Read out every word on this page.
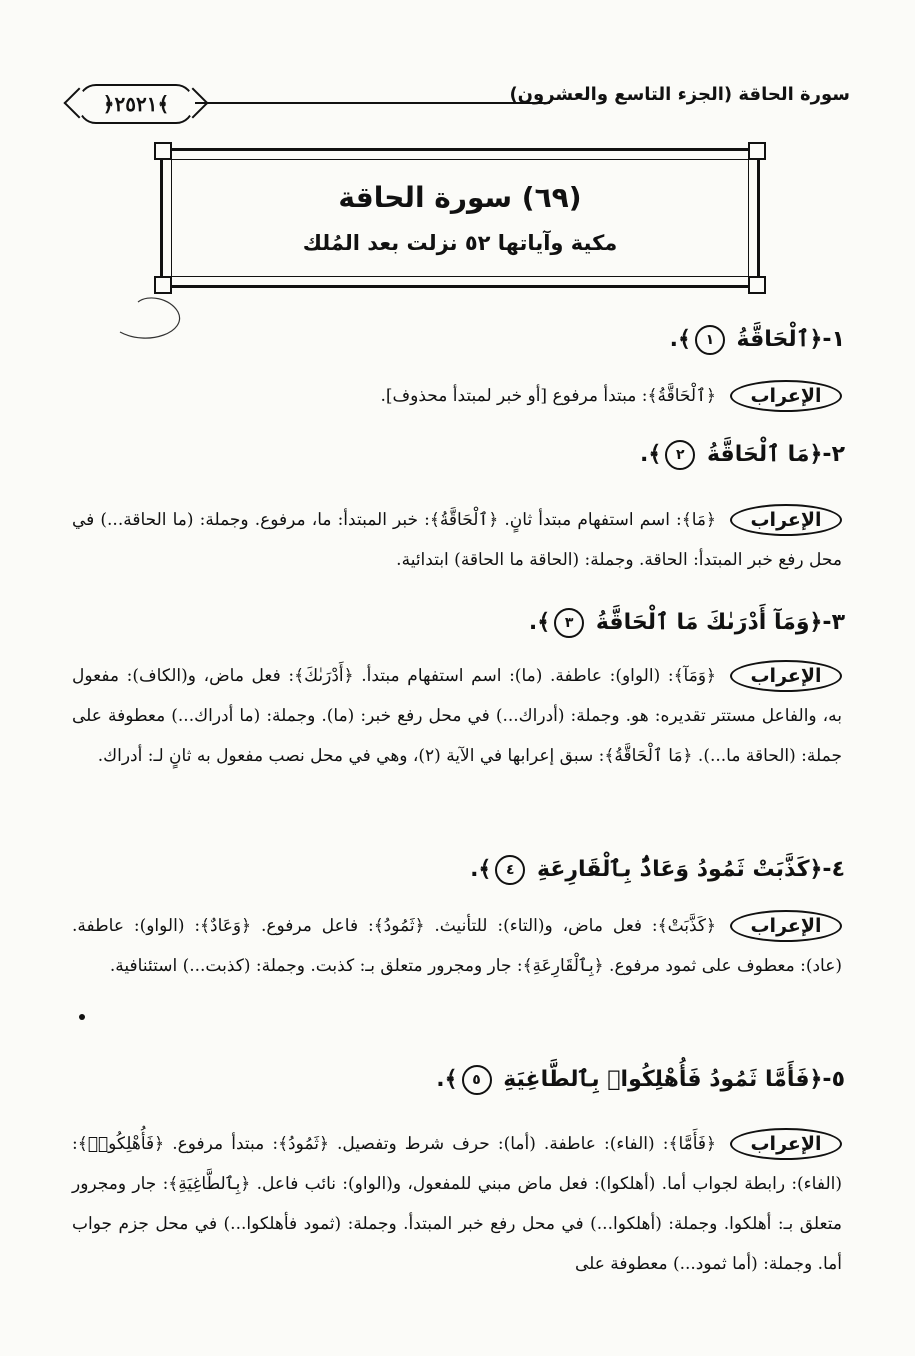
﴿٢٥٢١﴾	سورة الحاقة (الجزء التاسع والعشرون)
(٦٩) سورة الحاقة
مكية وآياتها ٥٢ نزلت بعد المُلك
١-﴿ٱلْحَاقَّةُ ١﴾.
الإعراب
﴿ٱلْحَاقَّةُ﴾: مبتدأ مرفوع [أو خبر لمبتدأ محذوف].
٢-﴿مَا ٱلْحَاقَّةُ ٢﴾.
الإعراب
﴿مَا﴾: اسم استفهام مبتدأ ثانٍ. ﴿ٱلْحَاقَّةُ﴾: خبر المبتدأ: ما، مرفوع. وجملة: (ما الحاقة...) في محل رفع خبر المبتدأ: الحاقة. وجملة: (الحاقة ما الحاقة) ابتدائية.
٣-﴿وَمَآ أَدْرَىٰكَ مَا ٱلْحَاقَّةُ ٣﴾.
الإعراب
﴿وَمَآ﴾: (الواو): عاطفة. (ما): اسم استفهام مبتدأ. ﴿أَدْرَىٰكَ﴾: فعل ماض، و(الكاف): مفعول به، والفاعل مستتر تقديره: هو. وجملة: (أدراك...) في محل رفع خبر: (ما). وجملة: (ما أدراك...) معطوفة على جملة: (الحاقة ما...). ﴿مَا ٱلْحَاقَّةُ﴾: سبق إعرابها في الآية (٢)، وهي في محل نصب مفعول به ثانٍ لـ: أدراك.
٤-﴿كَذَّبَتْ ثَمُودُ وَعَادٌۢ بِٱلْقَارِعَةِ ٤﴾.
الإعراب
﴿كَذَّبَتْ﴾: فعل ماض، و(التاء): للتأنيث. ﴿ثَمُودُ﴾: فاعل مرفوع. ﴿وَعَادٌ﴾: (الواو): عاطفة. (عاد): معطوف على ثمود مرفوع. ﴿بِٱلْقَارِعَةِ﴾: جار ومجرور متعلق بـ: كذبت. وجملة: (كذبت...) استئنافية.
٥-﴿فَأَمَّا ثَمُودُ فَأُهْلِكُوا۟ بِٱلطَّاغِيَةِ ٥﴾.
الإعراب
﴿فَأَمَّا﴾: (الفاء): عاطفة. (أما): حرف شرط وتفصيل. ﴿ثَمُودُ﴾: مبتدأ مرفوع. ﴿فَأُهْلِكُوا۟﴾: (الفاء): رابطة لجواب أما. (أهلكوا): فعل ماض مبني للمفعول، و(الواو): نائب فاعل. ﴿بِٱلطَّاغِيَةِ﴾: جار ومجرور متعلق بـ: أهلكوا. وجملة: (أهلكوا...) في محل رفع خبر المبتدأ. وجملة: (ثمود فأهلكوا...) في محل جزم جواب أما. وجملة: (أما ثمود...) معطوفة على
